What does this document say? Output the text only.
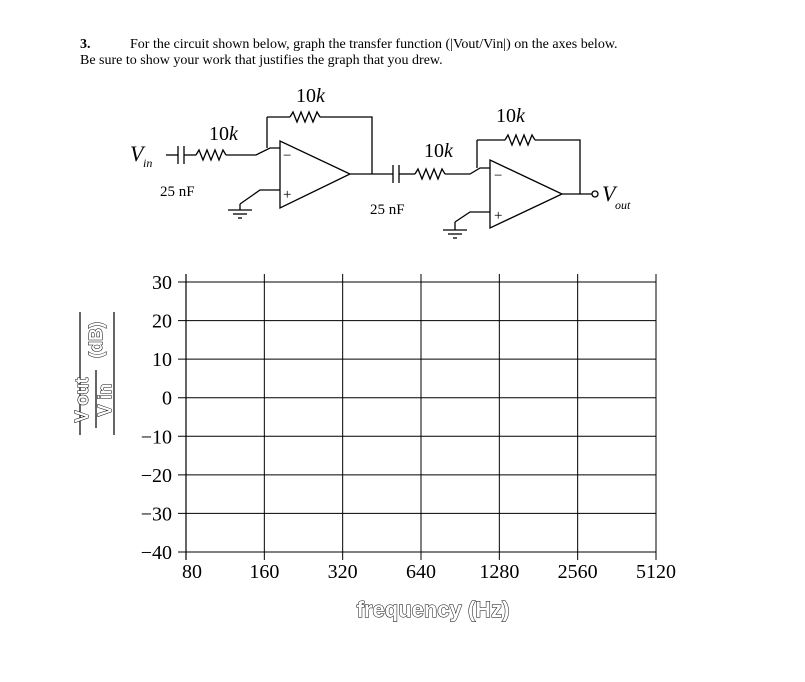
3.	For the circuit shown below, graph the transfer function (|Vout/Vin|) on the axes below.
Be sure to show your work that justifies the graph that you drew.
V in
25 nF
10k
10k
10k
10k
25 nF
−
+
−
+
V out
30
20
10
0
−10
−20
−30
−40
80 160 320 640 1280 2560 5120
frequency (Hz)
V out V in
(dB)
